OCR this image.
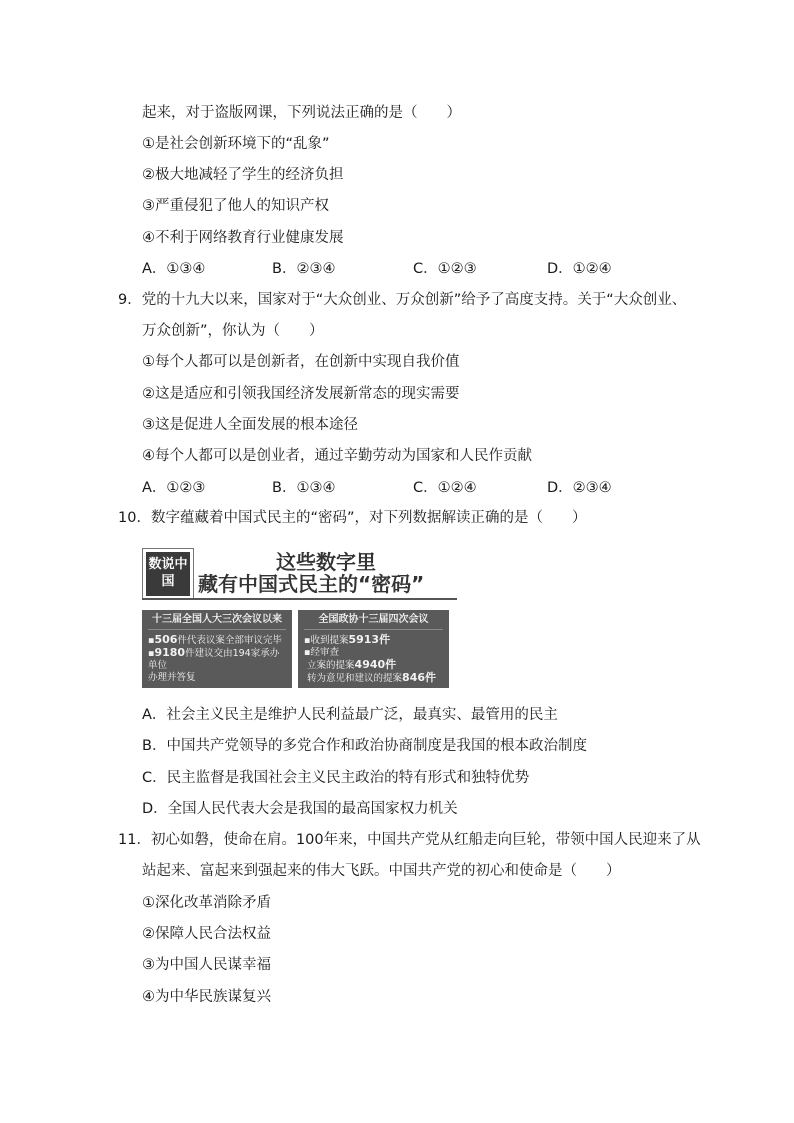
起来，对于盗版网课，下列说法正确的是（　　）
①是社会创新环境下的“乱象”
②极大地减轻了学生的经济负担
③严重侵犯了他人的知识产权
④不利于网络教育行业健康发展
A．①③④	B．②③④	C．①②③	D．①②④
9．党的十九大以来，国家对于“大众创业、万众创新”给予了高度支持。关于“大众创业、
万众创新”，你认为（　　）
①每个人都可以是创新者，在创新中实现自我价值
②这是适应和引领我国经济发展新常态的现实需要
③这是促进人全面发展的根本途径
④每个人都可以是创业者，通过辛勤劳动为国家和人民作贡献
A．①②③	B．①③④	C．①②④	D．②③④
10．数字蕴藏着中国式民主的“密码”，对下列数据解读正确的是（　　）
数说中国
这些数字里
藏有中国式民主的“密码”
十三届全国人大三次会议以来
▪506件代表议案全部审议完毕
▪9180件建议交由194家承办单位
办理并答复
全国政协十三届四次会议
▪收到提案5913件
▪经审查
立案的提案4940件
转为意见和建议的提案846件
A．社会主义民主是维护人民利益最广泛，最真实、最管用的民主
B．中国共产党领导的多党合作和政治协商制度是我国的根本政治制度
C．民主监督是我国社会主义民主政治的特有形式和独特优势
D．全国人民代表大会是我国的最高国家权力机关
11．初心如磐，使命在肩。100年来，中国共产党从红船走向巨轮，带领中国人民迎来了从
站起来、富起来到强起来的伟大飞跃。中国共产党的初心和使命是（　　）
①深化改革消除矛盾
②保障人民合法权益
③为中国人民谋幸福
④为中华民族谋复兴
